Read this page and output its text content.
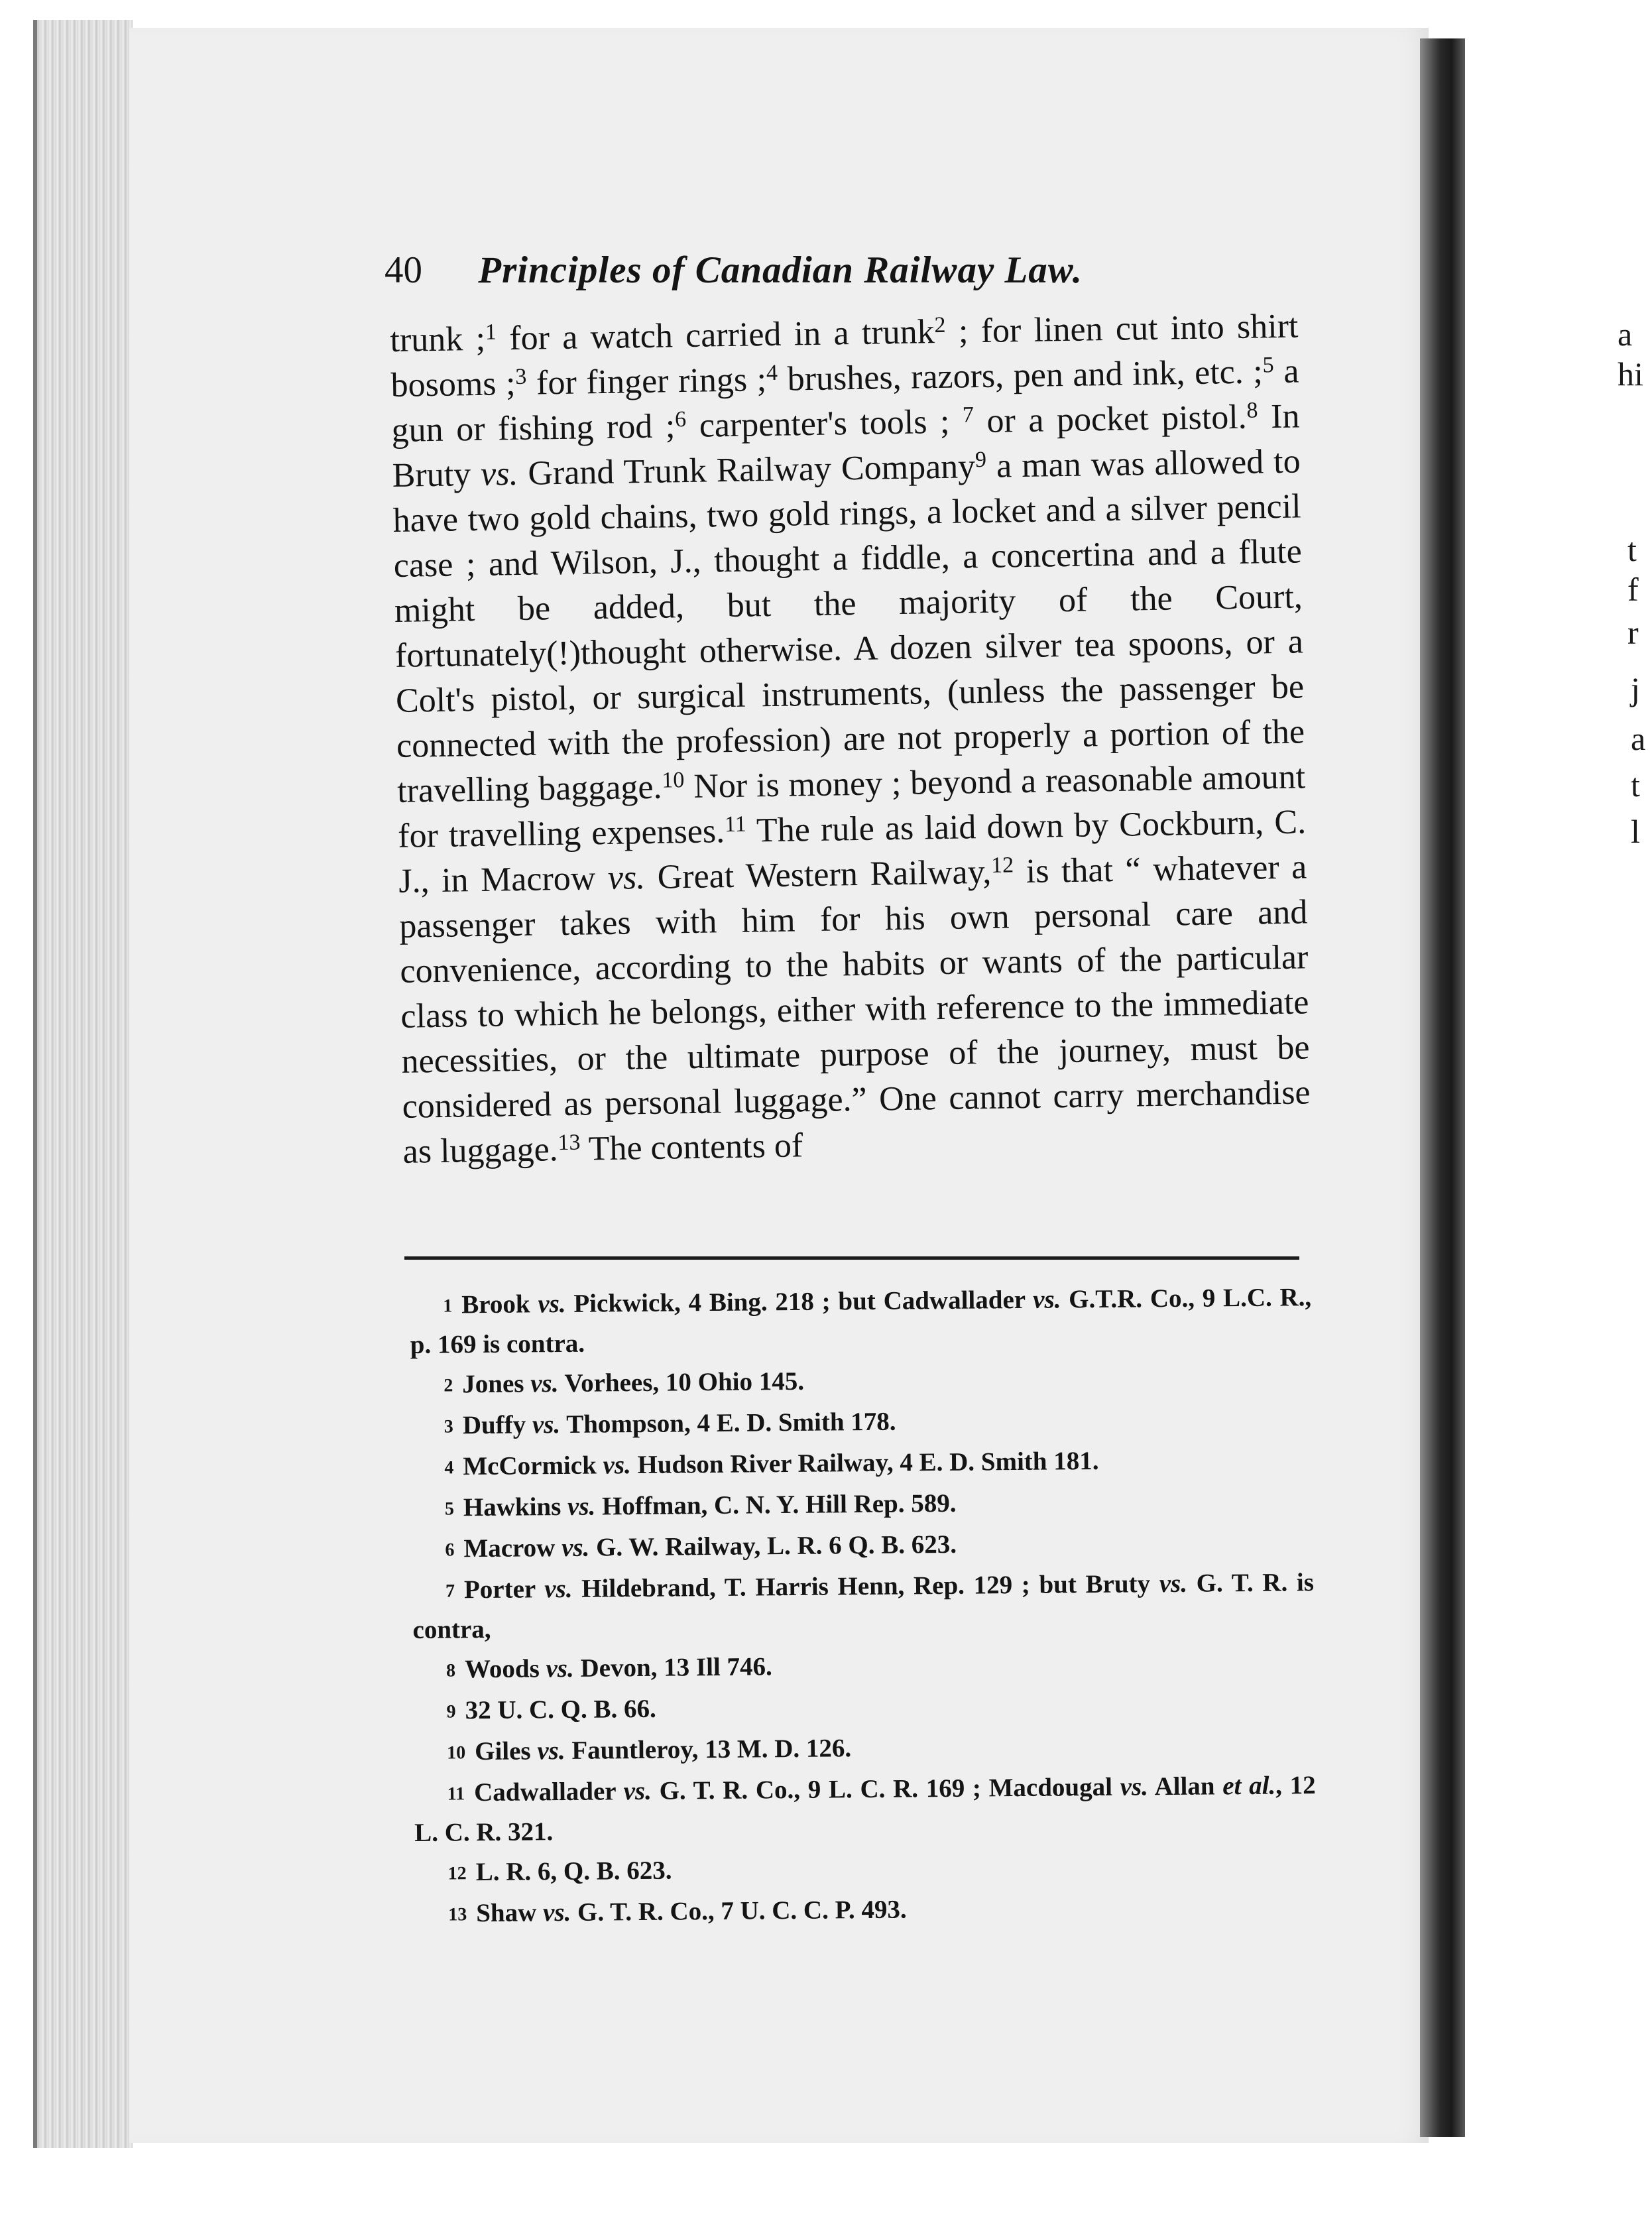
a
hi
t
f
r
j
a
t
l
40 Principles of Canadian Railway Law.
trunk ;$^1$ for a watch carried in a trunk$^2$ ; for linen cut into shirt bosoms ;$^3$ for finger rings ;$^4$ brushes, razors, pen and ink, etc. ;$^5$ a gun or fishing rod ;$^6$ carpenter's tools ; $^7$ or a pocket pistol.$^8$ In Bruty vs. Grand Trunk Railway Company$^9$ a man was allowed to have two gold chains, two gold rings, a locket and a silver pencil case ; and Wilson, J., thought a fiddle, a concertina and a flute might be added, but the majority of the Court, fortunately(!)thought otherwise. A dozen silver tea spoons, or a Colt's pistol, or surgical instruments, (unless the passenger be connected with the profession) are not properly a portion of the travelling baggage.$^{10}$ Nor is money ; beyond a reasonable amount for travelling expenses.$^{11}$ The rule as laid down by Cockburn, C. J., in Macrow vs. Great Western Railway,$^{12}$ is that “ whatever a passenger takes with him for his own personal care and convenience, according to the habits or wants of the particular class to which he belongs, either with reference to the immediate necessities, or the ultimate purpose of the journey, must be considered as personal luggage.” One cannot carry merchandise as luggage.$^{13}$ The contents of

1 Brook vs. Pickwick, 4 Bing. 218 ; but Cadwallader vs. G.T.R. Co., 9 L.C. R., p. 169 is contra.

2 Jones vs. Vorhees, 10 Ohio 145.

3 Duffy vs. Thompson, 4 E. D. Smith 178.

4 McCormick vs. Hudson River Railway, 4 E. D. Smith 181.

5 Hawkins vs. Hoffman, C. N. Y. Hill Rep. 589.

6 Macrow vs. G. W. Railway, L. R. 6 Q. B. 623.

7 Porter vs. Hildebrand, T. Harris Henn, Rep. 129 ; but Bruty vs. G. T. R. is contra,

8 Woods vs. Devon, 13 Ill 746.

9 32 U. C. Q. B. 66.

10 Giles vs. Fauntleroy, 13 M. D. 126.

11 Cadwallader vs. G. T. R. Co., 9 L. C. R. 169 ; Macdougal vs. Allan et al., 12 L. C. R. 321.

12 L. R. 6, Q. B. 623.

13 Shaw vs. G. T. R. Co., 7 U. C. C. P. 493.
